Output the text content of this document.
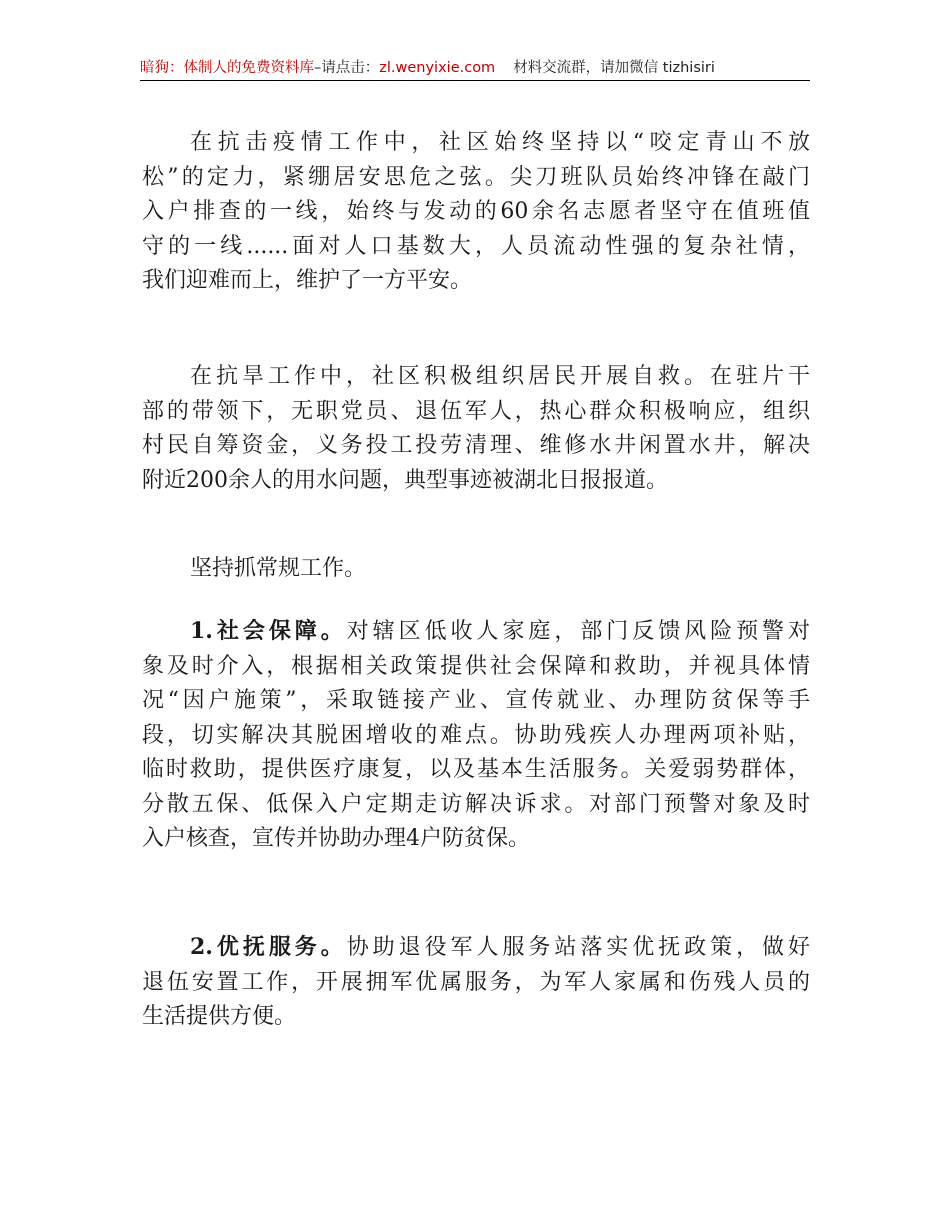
暗狗：体制人的免费资料库–请点击：zl.wenyixie.com 材料交流群，请加微信 tizhisiri
在抗击疫情工作中，社区始终坚持以“咬定青山不放
松”的定力，紧绷居安思危之弦。尖刀班队员始终冲锋在敲门
入户排查的一线，始终与发动的60余名志愿者坚守在值班值
守的一线......面对人口基数大，人员流动性强的复杂社情，
我们迎难而上，维护了一方平安。
在抗旱工作中，社区积极组织居民开展自救。在驻片干
部的带领下，无职党员、退伍军人，热心群众积极响应，组织
村民自筹资金，义务投工投劳清理、维修水井闲置水井，解决
附近200余人的用水问题，典型事迹被湖北日报报道。
坚持抓常规工作。
1.社会保障。对辖区低收人家庭，部门反馈风险预警对
象及时介入，根据相关政策提供社会保障和救助，并视具体情
况“因户施策”，采取链接产业、宣传就业、办理防贫保等手
段，切实解决其脱困增收的难点。协助残疾人办理两项补贴，
临时救助，提供医疗康复，以及基本生活服务。关爱弱势群体，
分散五保、低保入户定期走访解决诉求。对部门预警对象及时
入户核查，宣传并协助办理4户防贫保。
2.优抚服务。协助退役军人服务站落实优抚政策，做好
退伍安置工作，开展拥军优属服务，为军人家属和伤残人员的
生活提供方便。
